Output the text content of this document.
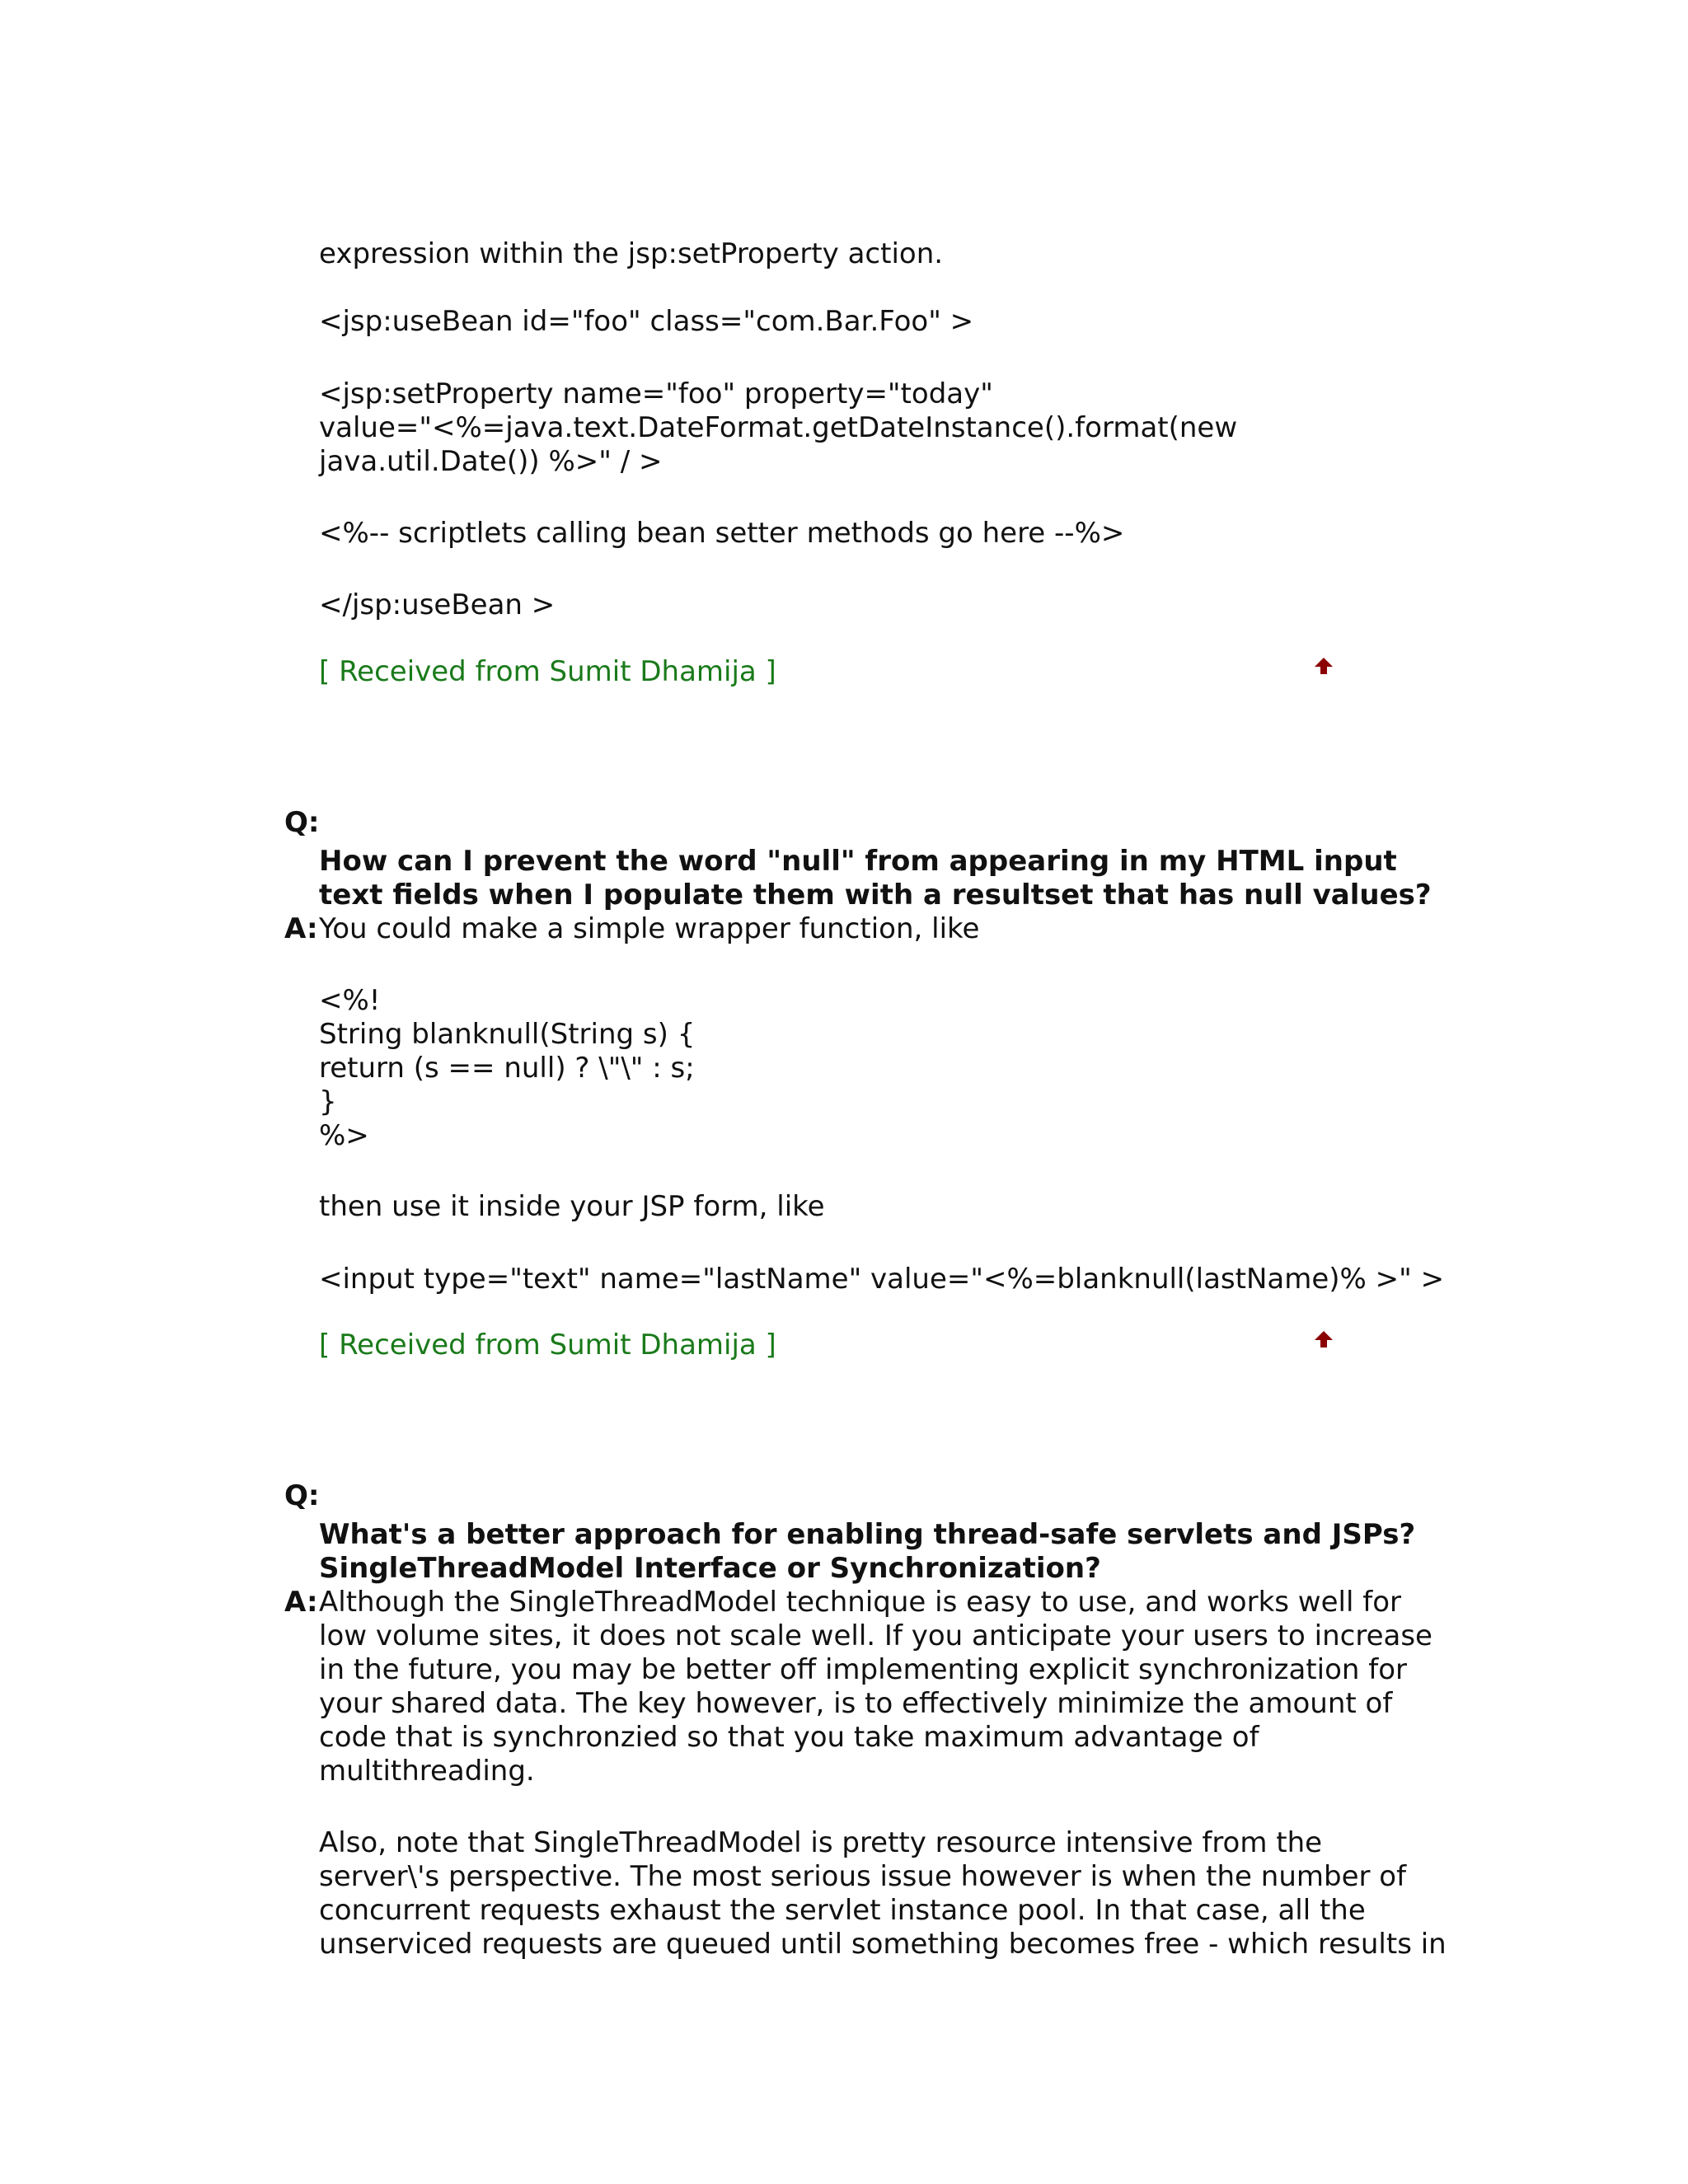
expression within the jsp:setProperty action.
<jsp:useBean id="foo" class="com.Bar.Foo" >
<jsp:setProperty name="foo" property="today"
value="<%=java.text.DateFormat.getDateInstance().format(new
java.util.Date()) %>" / >
<%-- scriptlets calling bean setter methods go here --%>
</jsp:useBean >
[ Received from Sumit Dhamija ]
Q:
How can I prevent the word "null" from appearing in my HTML input
text fields when I populate them with a resultset that has null values?
A: You could make a simple wrapper function, like
<%!
String blanknull(String s) {
return (s == null) ? \"\" : s;
}
%>
then use it inside your JSP form, like
<input type="text" name="lastName" value="<%=blanknull(lastName)% >" >
[ Received from Sumit Dhamija ]
Q:
What's a better approach for enabling thread-safe servlets and JSPs?
SingleThreadModel Interface or Synchronization?
A: Although the SingleThreadModel technique is easy to use, and works well for
low volume sites, it does not scale well. If you anticipate your users to increase
in the future, you may be better off implementing explicit synchronization for
your shared data. The key however, is to effectively minimize the amount of
code that is synchronzied so that you take maximum advantage of
multithreading.
Also, note that SingleThreadModel is pretty resource intensive from the
server\'s perspective. The most serious issue however is when the number of
concurrent requests exhaust the servlet instance pool. In that case, all the
unserviced requests are queued until something becomes free - which results in
